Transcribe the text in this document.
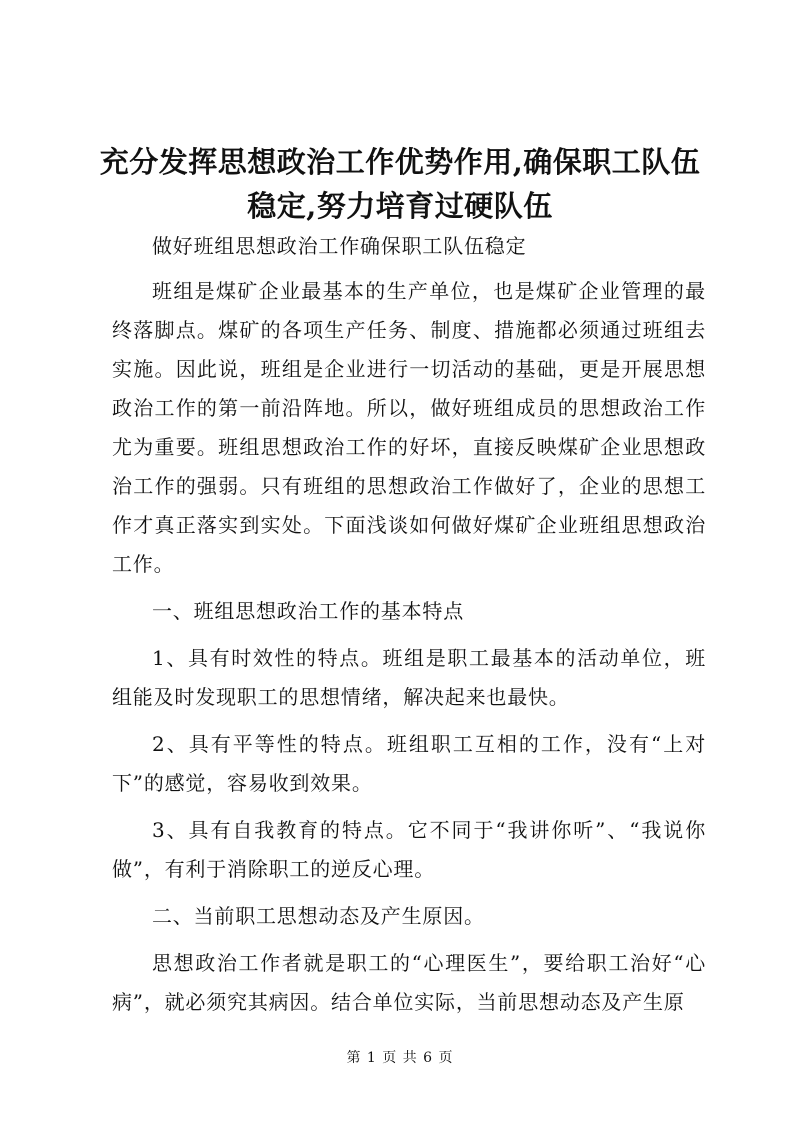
充分发挥思想政治工作优势作用,确保职工队伍稳定,努力培育过硬队伍

做好班组思想政治工作确保职工队伍稳定

班组是煤矿企业最基本的生产单位，也是煤矿企业管理的最终落脚点。煤矿的各项生产任务、制度、措施都必须通过班组去实施。因此说，班组是企业进行一切活动的基础，更是开展思想政治工作的第一前沿阵地。所以，做好班组成员的思想政治工作尤为重要。班组思想政治工作的好坏，直接反映煤矿企业思想政治工作的强弱。只有班组的思想政治工作做好了，企业的思想工作才真正落实到实处。下面浅谈如何做好煤矿企业班组思想政治工作。

一、班组思想政治工作的基本特点

1、具有时效性的特点。班组是职工最基本的活动单位，班组能及时发现职工的思想情绪，解决起来也最快。

2、具有平等性的特点。班组职工互相的工作，没有“上对下”的感觉，容易收到效果。

3、具有自我教育的特点。它不同于“我讲你听”、“我说你做”，有利于消除职工的逆反心理。

二、当前职工思想动态及产生原因。

思想政治工作者就是职工的“心理医生”，要给职工治好“心病”，就必须究其病因。结合单位实际，当前思想动态及产生原

第 1 页 共 6 页
